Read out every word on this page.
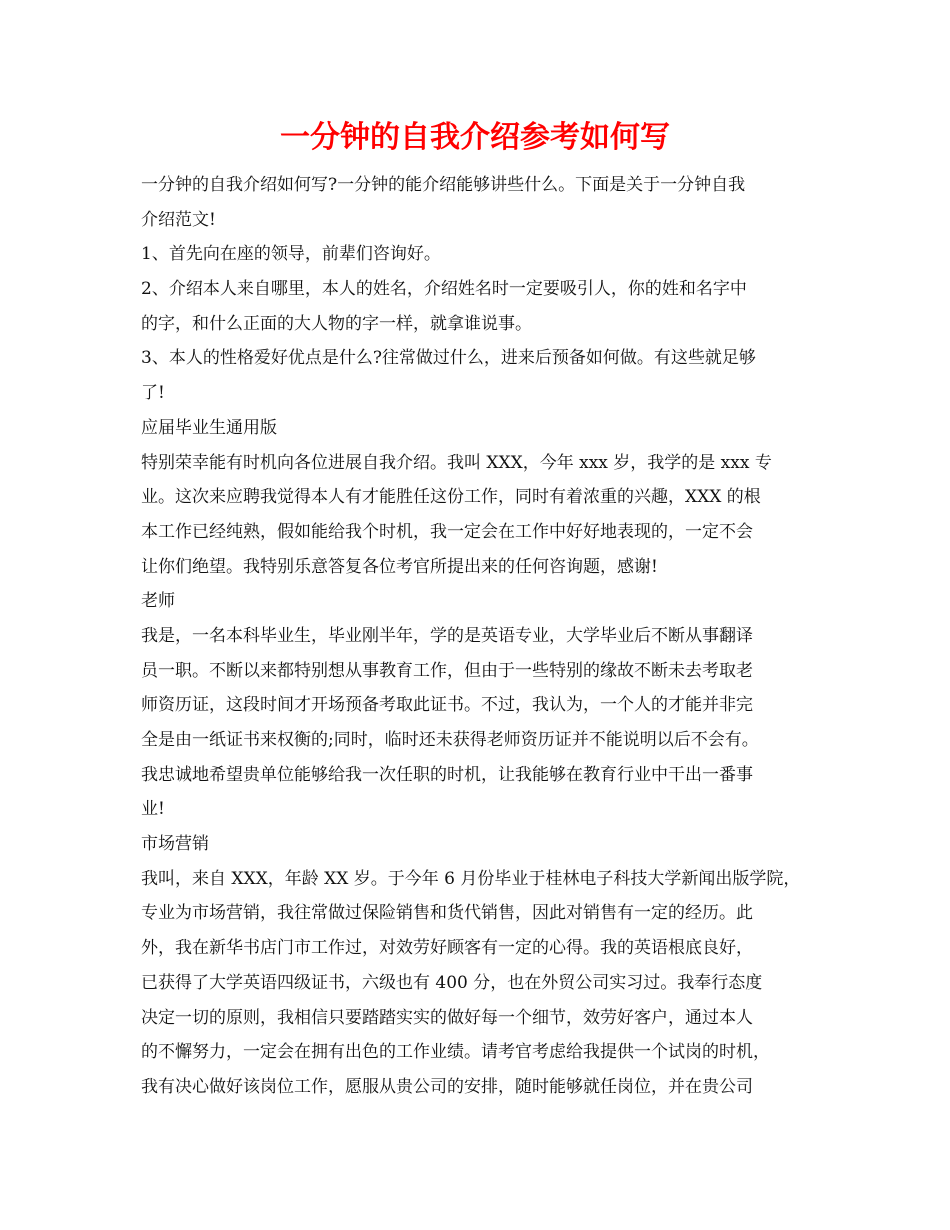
一分钟的自我介绍参考如何写
一分钟的自我介绍如何写?一分钟的能介绍能够讲些什么。下面是关于一分钟自我
介绍范文!
1、首先向在座的领导，前辈们咨询好。
2、介绍本人来自哪里，本人的姓名，介绍姓名时一定要吸引人，你的姓和名字中
的字，和什么正面的大人物的字一样，就拿谁说事。
3、本人的性格爱好优点是什么?往常做过什么，进来后预备如何做。有这些就足够
了!
应届毕业生通用版
特别荣幸能有时机向各位进展自我介绍。我叫 XXX，今年 xxx 岁，我学的是 xxx 专
业。这次来应聘我觉得本人有才能胜任这份工作，同时有着浓重的兴趣，XXX 的根
本工作已经纯熟，假如能给我个时机，我一定会在工作中好好地表现的，一定不会
让你们绝望。我特别乐意答复各位考官所提出来的任何咨询题，感谢!
老师
我是，一名本科毕业生，毕业刚半年，学的是英语专业，大学毕业后不断从事翻译
员一职。不断以来都特别想从事教育工作，但由于一些特别的缘故不断未去考取老
师资历证，这段时间才开场预备考取此证书。不过，我认为，一个人的才能并非完
全是由一纸证书来权衡的;同时，临时还未获得老师资历证并不能说明以后不会有。
我忠诚地希望贵单位能够给我一次任职的时机，让我能够在教育行业中干出一番事
业!
市场营销
我叫，来自 XXX，年龄 XX 岁。于今年 6 月份毕业于桂林电子科技大学新闻出版学院，
专业为市场营销，我往常做过保险销售和货代销售，因此对销售有一定的经历。此
外，我在新华书店门市工作过，对效劳好顾客有一定的心得。我的英语根底良好，
已获得了大学英语四级证书，六级也有 400 分，也在外贸公司实习过。我奉行态度
决定一切的原则，我相信只要踏踏实实的做好每一个细节，效劳好客户，通过本人
的不懈努力，一定会在拥有出色的工作业绩。请考官考虑给我提供一个试岗的时机，
我有决心做好该岗位工作，愿服从贵公司的安排，随时能够就任岗位，并在贵公司
